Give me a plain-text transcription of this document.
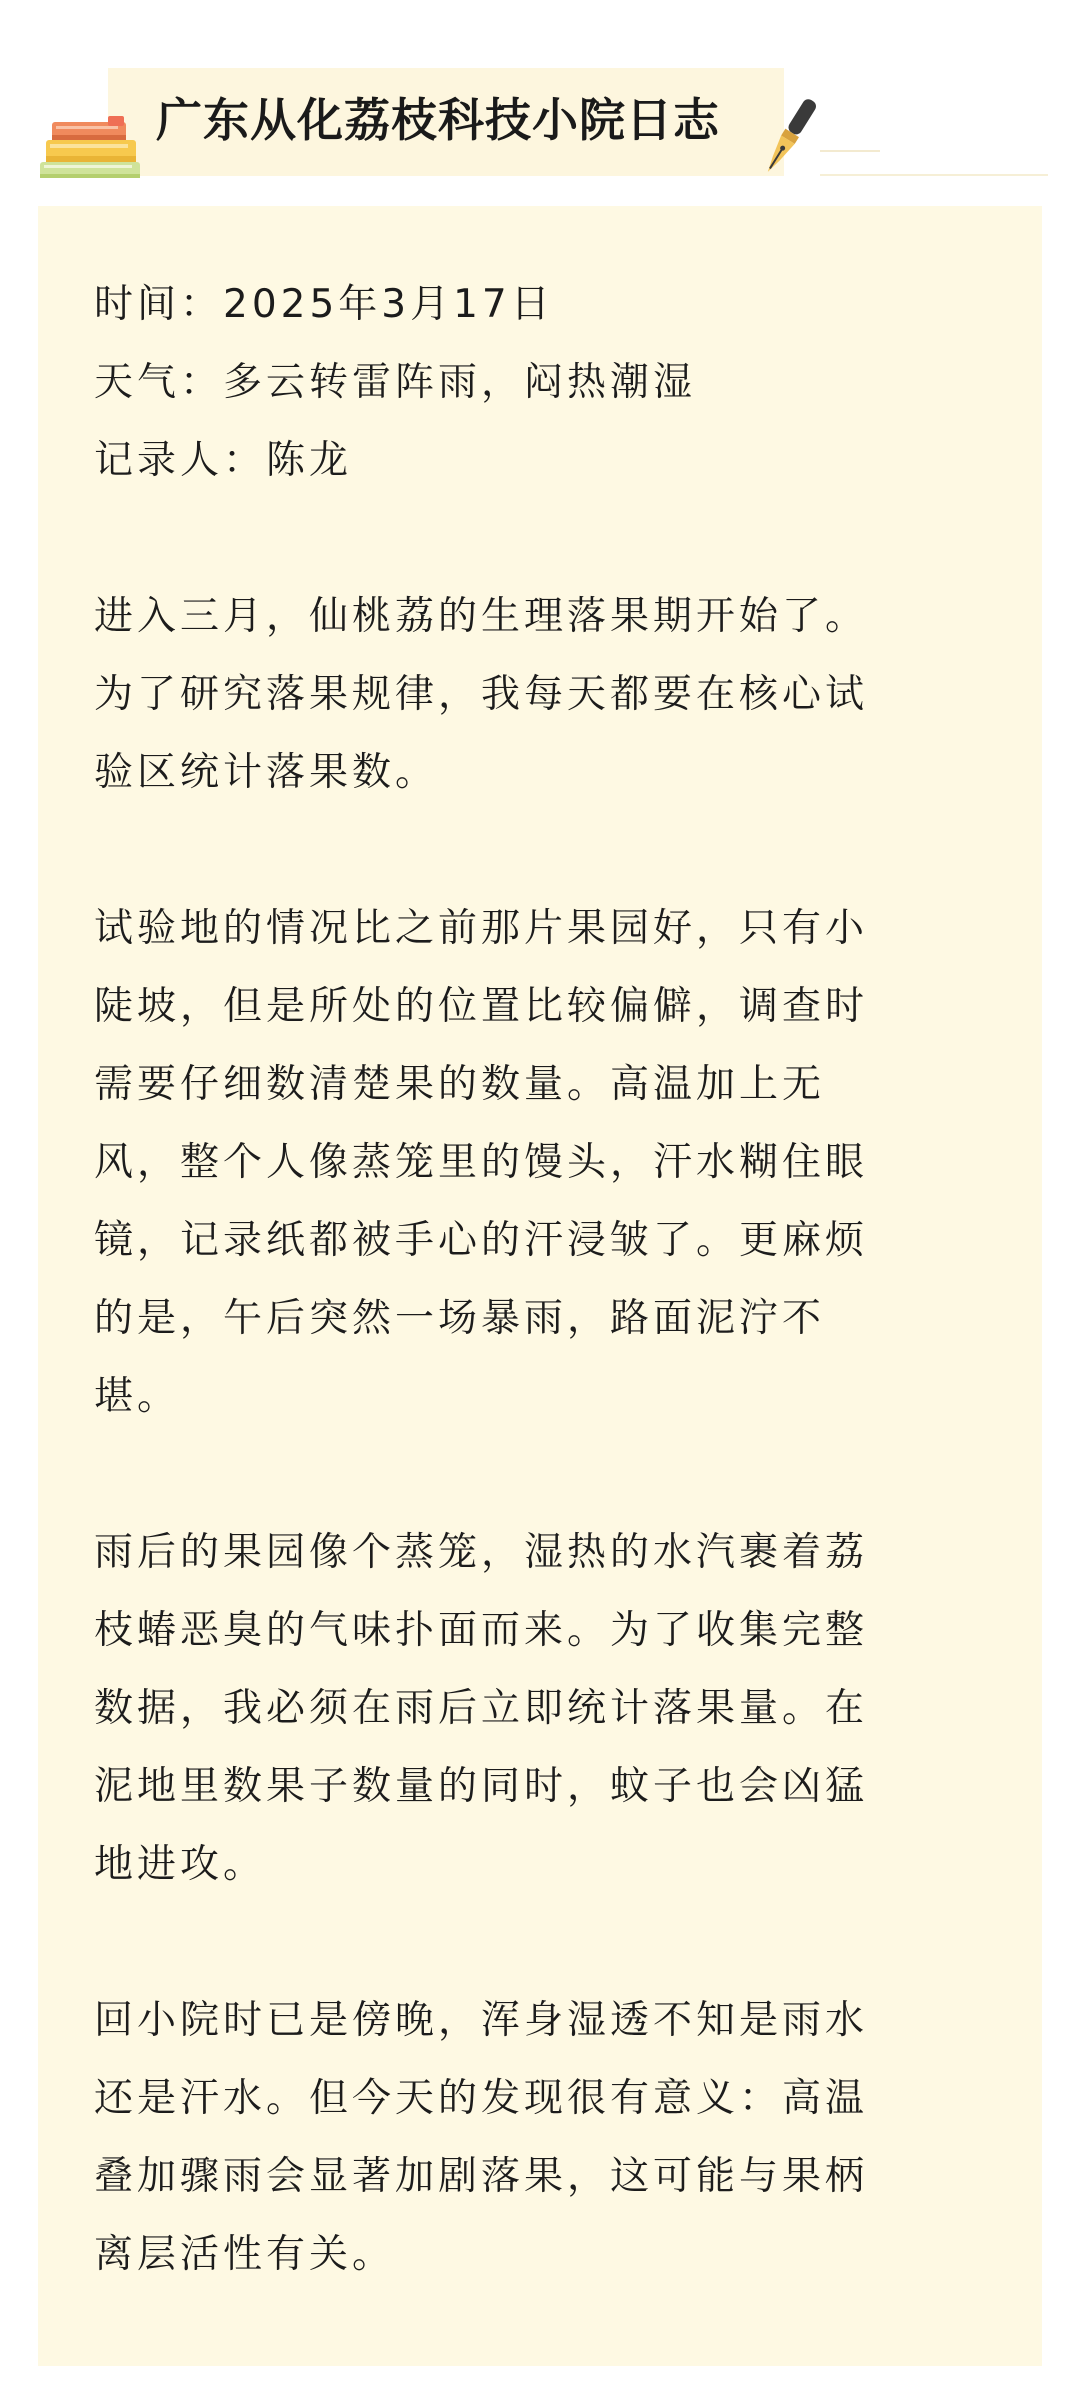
广东从化荔枝科技小院日志

时间：2025年3月17日

天气：多云转雷阵雨，闷热潮湿

记录人：陈龙

进入三月，仙桃荔的生理落果期开始了。

为了研究落果规律，我每天都要在核心试

验区统计落果数。

试验地的情况比之前那片果园好，只有小

陡坡，但是所处的位置比较偏僻，调查时

需要仔细数清楚果的数量。高温加上无

风，整个人像蒸笼里的馒头，汗水糊住眼

镜，记录纸都被手心的汗浸皱了。更麻烦

的是，午后突然一场暴雨，路面泥泞不

堪。

雨后的果园像个蒸笼，湿热的水汽裹着荔

枝蝽恶臭的气味扑面而来。为了收集完整

数据，我必须在雨后立即统计落果量。在

泥地里数果子数量的同时，蚊子也会凶猛

地进攻。

回小院时已是傍晚，浑身湿透不知是雨水

还是汗水。但今天的发现很有意义：高温

叠加骤雨会显著加剧落果，这可能与果柄

离层活性有关。
